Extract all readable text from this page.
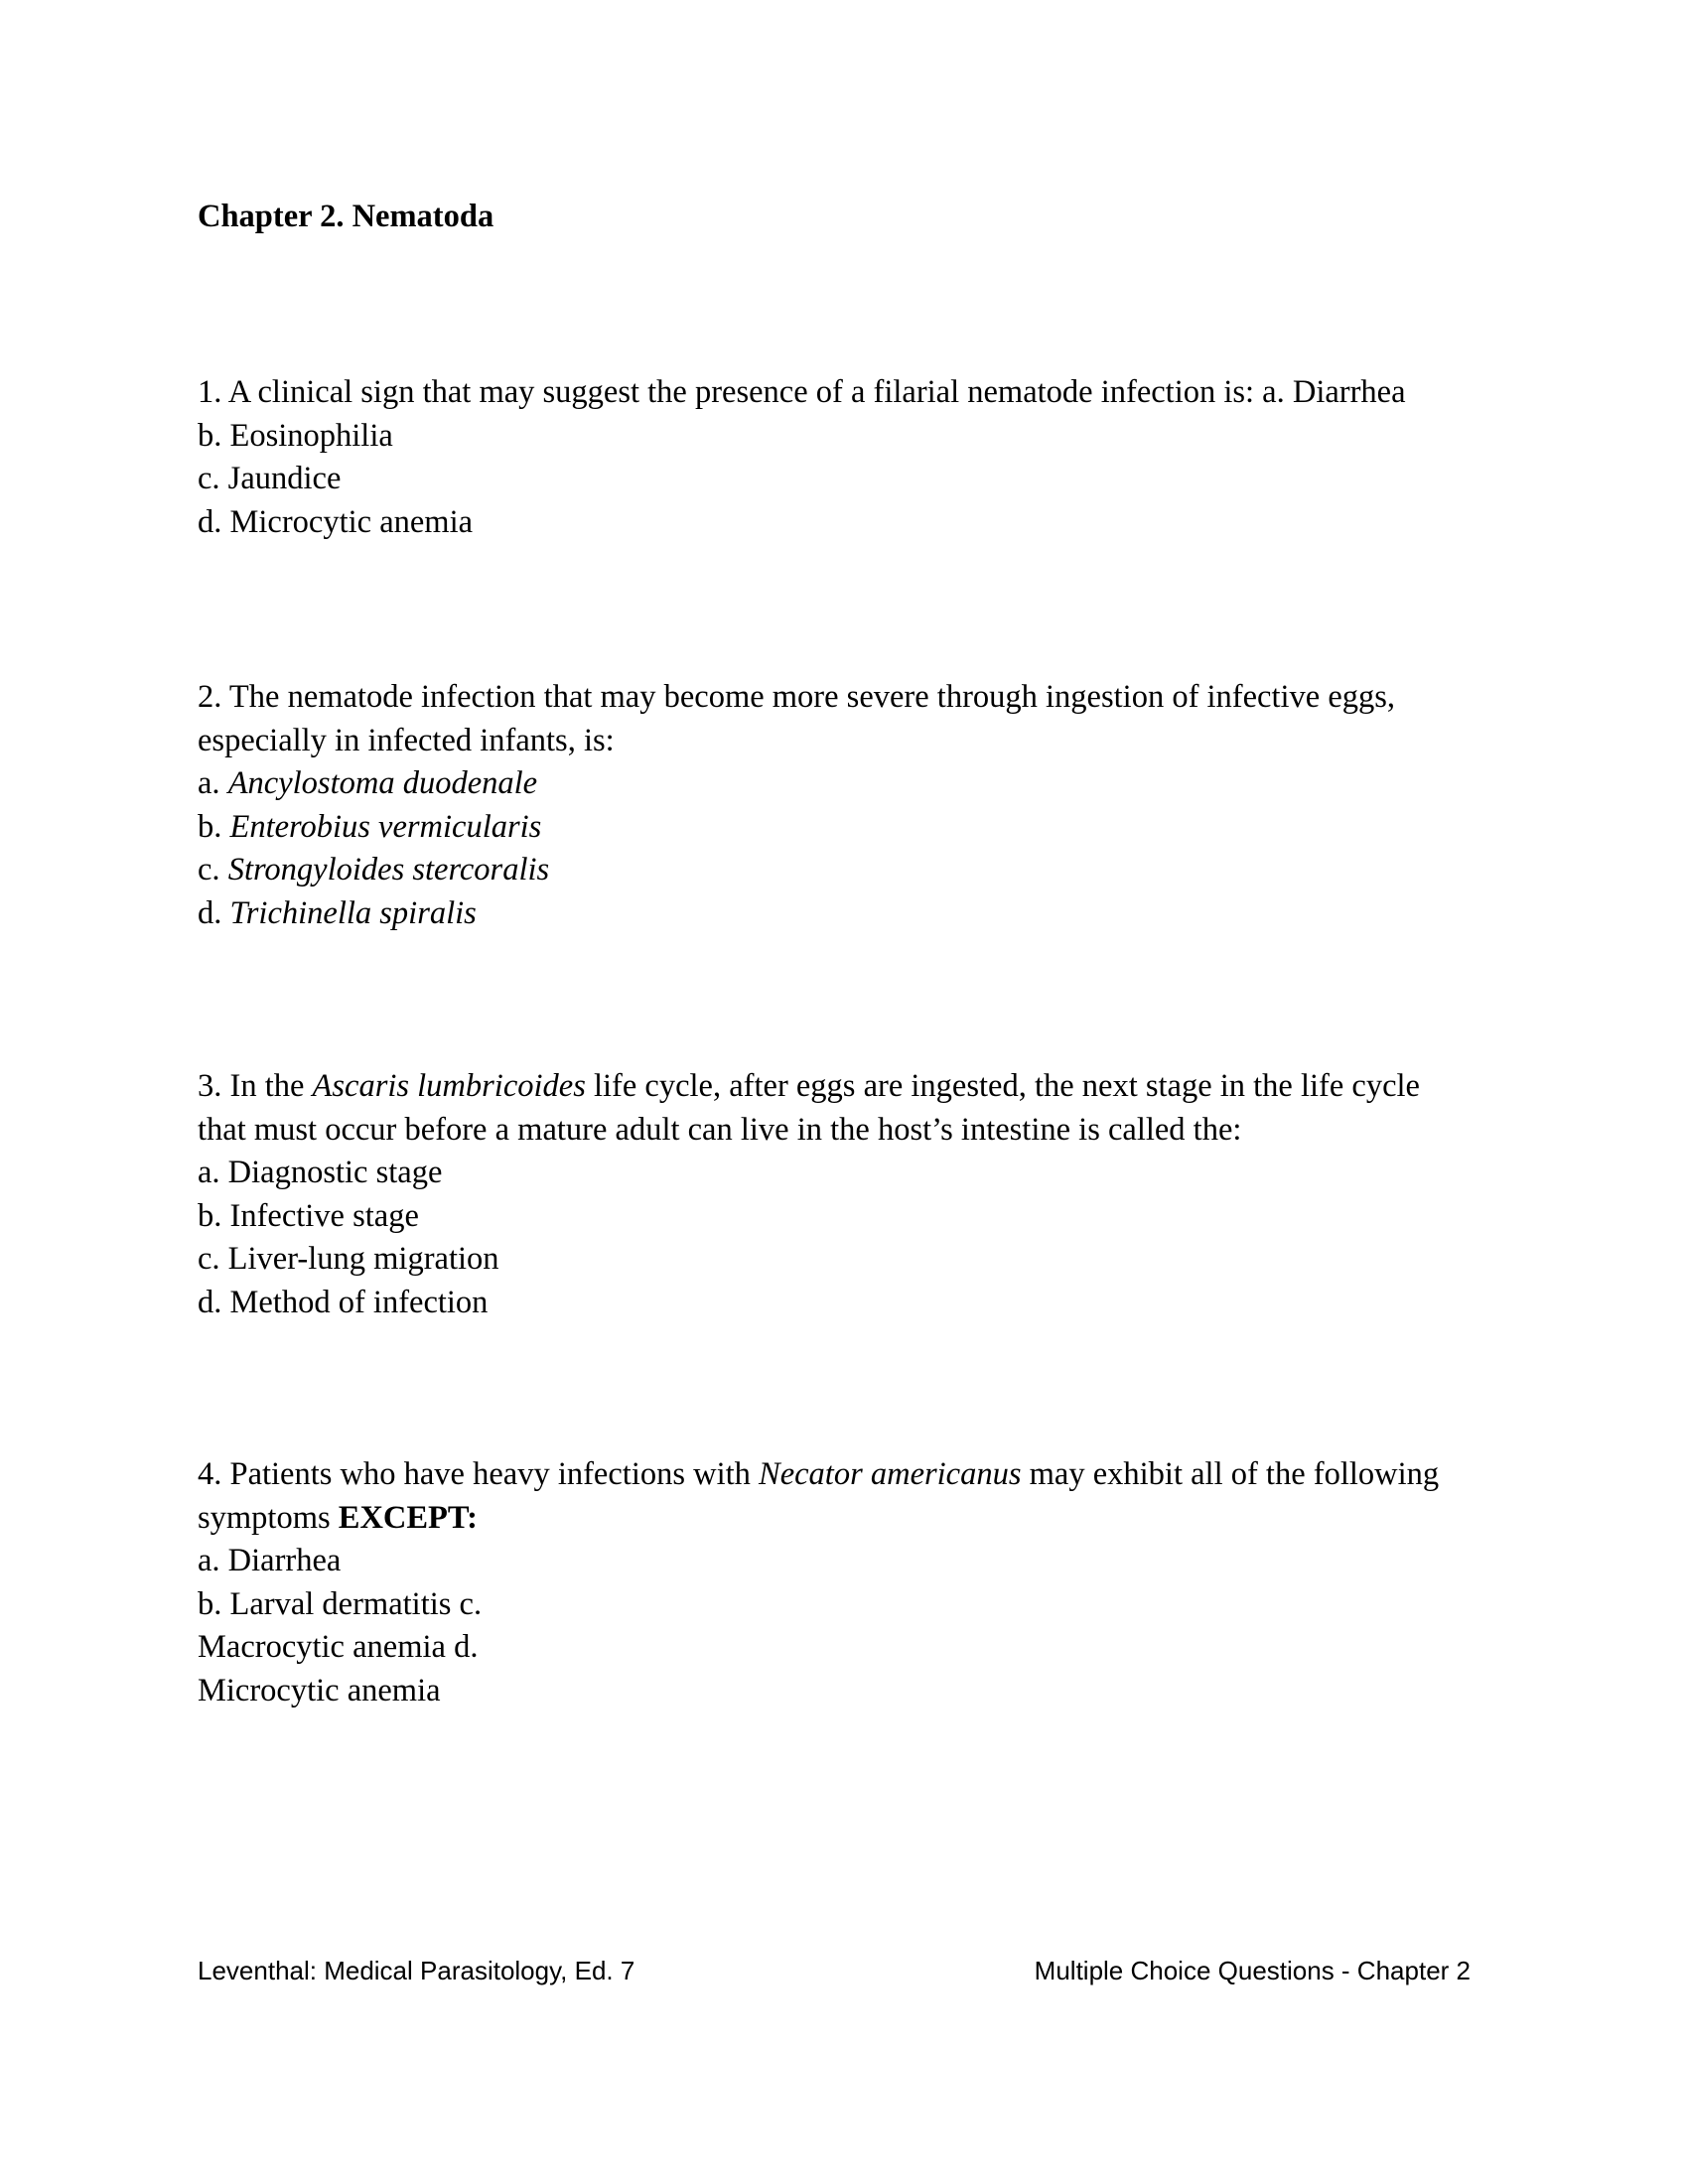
Chapter 2. Nematoda
1. A clinical sign that may suggest the presence of a filarial nematode infection is: a. Diarrhea
b. Eosinophilia
c. Jaundice
d. Microcytic anemia
2. The nematode infection that may become more severe through ingestion of infective eggs,
especially in infected infants, is:
a. Ancylostoma duodenale
b. Enterobius vermicularis
c. Strongyloides stercoralis
d. Trichinella spiralis
3. In the Ascaris lumbricoides life cycle, after eggs are ingested, the next stage in the life cycle
that must occur before a mature adult can live in the host’s intestine is called the:
a. Diagnostic stage
b. Infective stage
c. Liver-lung migration
d. Method of infection
4. Patients who have heavy infections with Necator americanus may exhibit all of the following
symptoms EXCEPT:
a. Diarrhea
b. Larval dermatitis c.
Macrocytic anemia d.
Microcytic anemia
Leventhal: Medical Parasitology, Ed. 7	Multiple Choice Questions - Chapter 2
